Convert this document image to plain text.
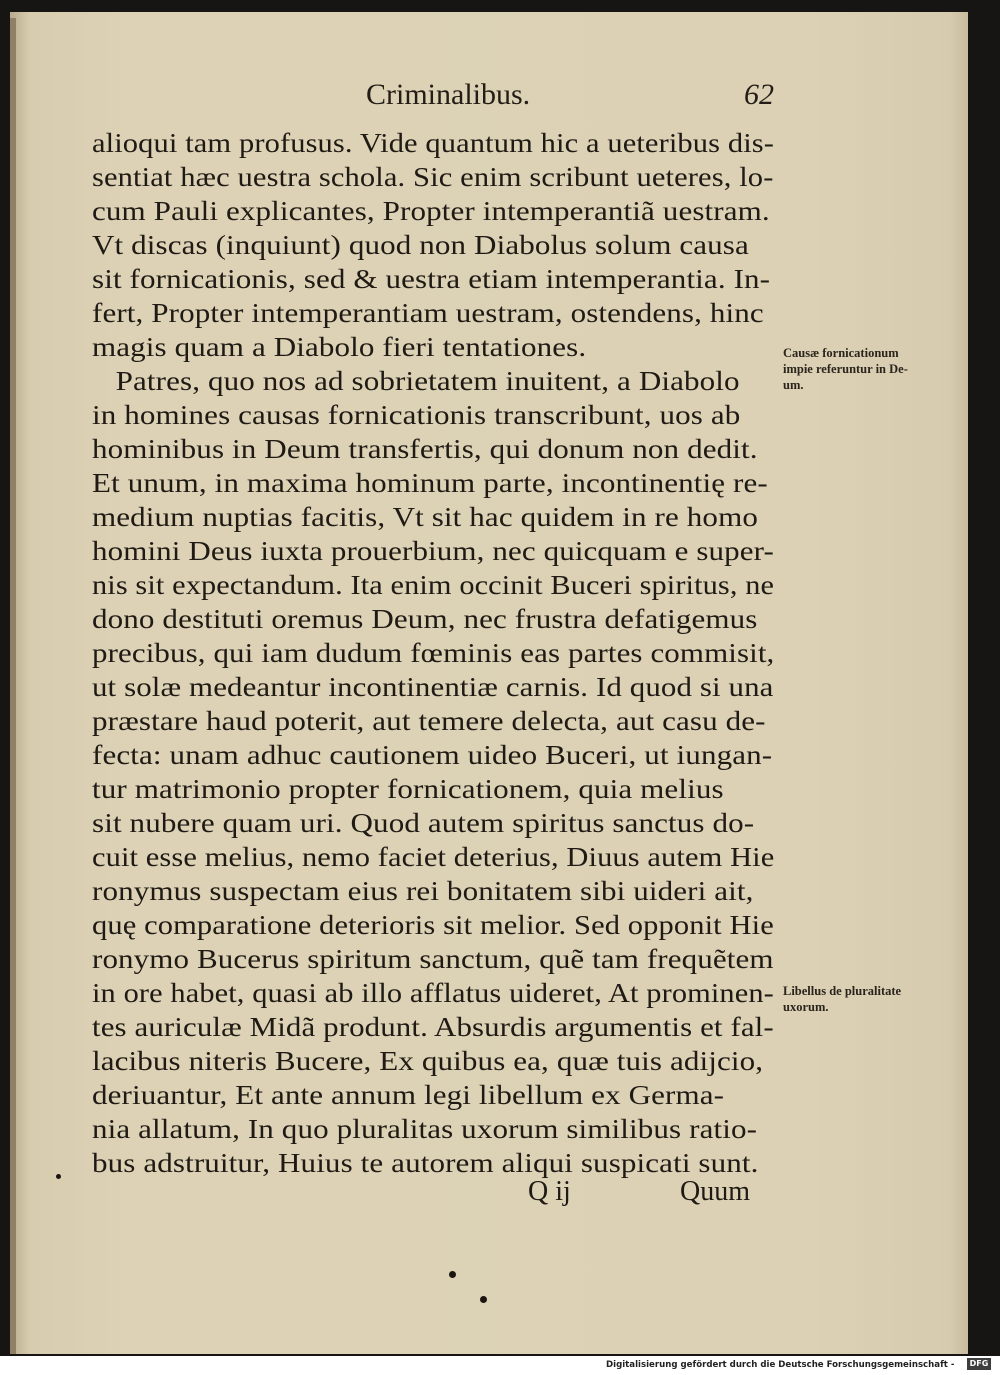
Criminalibus.	62
alioqui tam profusus. Vide quantum hic a ueteribus dis-
sentiat hæc uestra schola. Sic enim scribunt ueteres, lo-
cum Pauli explicantes, Propter intemperantiã uestram.
Vt discas (inquiunt) quod non Diabolus solum causa
sit fornicationis, sed & uestra etiam intemperantia. In-
fert, Propter intemperantiam uestram, ostendens, hinc
magis quam a Diabolo fieri tentationes.
Patres, quo nos ad sobrietatem inuitent, a Diabolo
in homines causas fornicationis transcribunt, uos ab
hominibus in Deum transfertis, qui donum non dedit.
Et unum, in maxima hominum parte, incontinentię re-
medium nuptias facitis, Vt sit hac quidem in re homo
homini Deus iuxta prouerbium, nec quicquam e super-
nis sit expectandum. Ita enim occinit Buceri spiritus, ne
dono destituti oremus Deum, nec frustra defatigemus
precibus, qui iam dudum fœminis eas partes commisit,
ut solæ medeantur incontinentiæ carnis. Id quod si una
præstare haud poterit, aut temere delecta, aut casu de-
fecta: unam adhuc cautionem uideo Buceri, ut iungan-
tur matrimonio propter fornicationem, quia melius
sit nubere quam uri. Quod autem spiritus sanctus do-
cuit esse melius, nemo faciet deterius, Diuus autem Hie
ronymus suspectam eius rei bonitatem sibi uideri ait,
quę comparatione deterioris sit melior. Sed opponit Hie
ronymo Bucerus spiritum sanctum, quẽ tam frequẽtem
in ore habet, quasi ab illo afflatus uideret, At prominen-
tes auriculæ Midã produnt. Absurdis argumentis et fal-
lacibus niteris Bucere, Ex quibus ea, quæ tuis adijcio,
deriuantur, Et ante annum legi libellum ex Germa-
nia allatum, In quo pluralitas uxorum similibus ratio-
bus adstruitur, Huius te autorem aliqui suspicati sunt.
Causæ fornicationum
impie referuntur in De-
um.
Libellus de pluralitate
uxorum.
Q ij	Quum
Digitalisierung gefördert durch die Deutsche Forschungsgemeinschaft -	DFG
